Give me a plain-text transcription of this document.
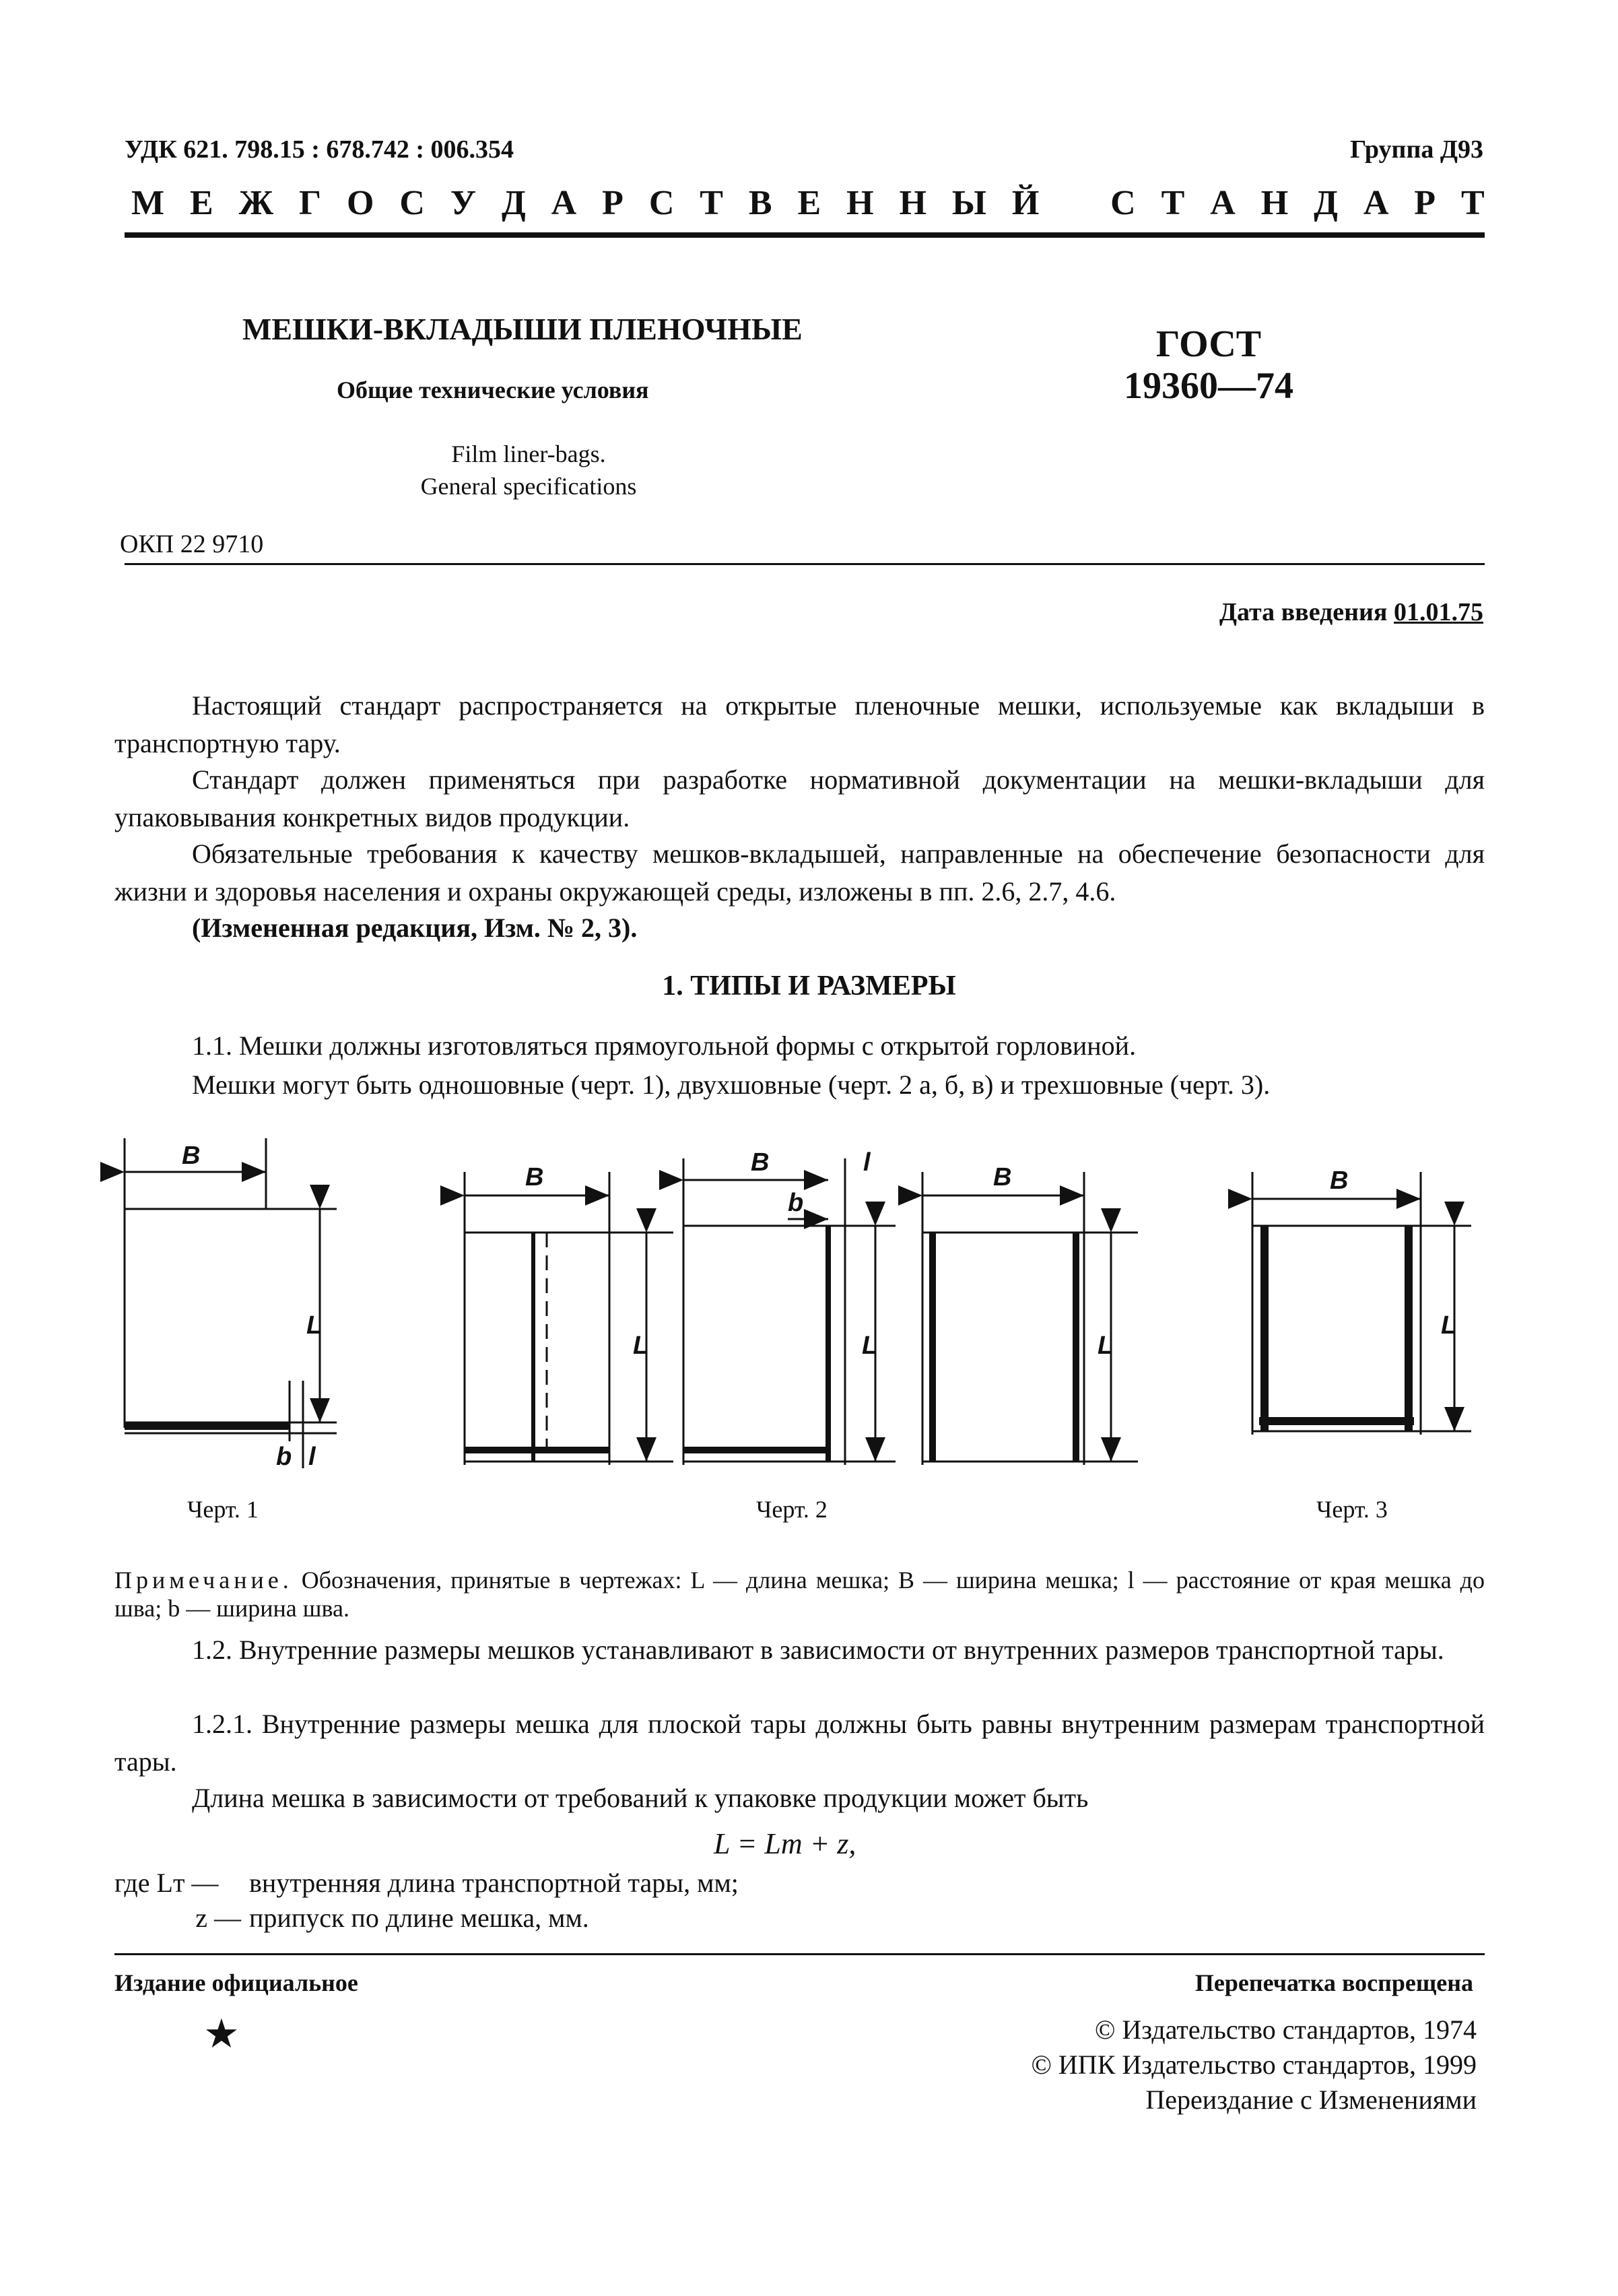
УДК 621. 798.15 : 678.742 : 006.354	Группа Д93
М Е Ж Г О С У Д А Р С Т В Е Н Н Ы Й С Т А Н Д А Р Т
МЕШКИ-ВКЛАДЫШИ ПЛЕНОЧНЫЕ
Общие технические условия
Film liner-bags.
General specifications
ГОСТ
19360—74
ОКП 22 9710
Дата введения 01.01.75
Настоящий стандарт распространяется на открытые пленочные мешки, используемые как вкладыши в транспортную тару.
Стандарт должен применяться при разработке нормативной документации на мешки-вкладыши для упаковывания конкретных видов продукции.
Обязательные требования к качеству мешков-вкладышей, направленные на обеспечение безопасности для жизни и здоровья населения и охраны окружающей среды, изложены в пп. 2.6, 2.7, 4.6.
(Измененная редакция, Изм. № 2, 3).
1. ТИПЫ И РАЗМЕРЫ
1.1. Мешки должны изготовляться прямоугольной формы с открытой горловиной.
Мешки могут быть одношовные (черт. 1), двухшовные (черт. 2 а, б, в) и трехшовные (черт. 3).
В
L
b l
В
L
В	l
b
L
В
L
В
L
Черт. 1	Черт. 2	Черт. 3
Примечание. Обозначения, принятые в чертежах: L — длина мешка; В — ширина мешка; l — расстояние от края мешка до шва; b — ширина шва.
1.2. Внутренние размеры мешков устанавливают в зависимости от внутренних размеров транспортной тары.
1.2.1. Внутренние размеры мешка для плоской тары должны быть равны внутренним размерам транспортной тары.
Длина мешка в зависимости от требований к упаковке продукции может быть
L = Lт + z,
где Lт — внутренняя длина транспортной тары, мм;
z — припуск по длине мешка, мм.
Издание официальное	Перепечатка воспрещена
★	© Издательство стандартов, 1974
© ИПК Издательство стандартов, 1999
Переиздание с Изменениями
